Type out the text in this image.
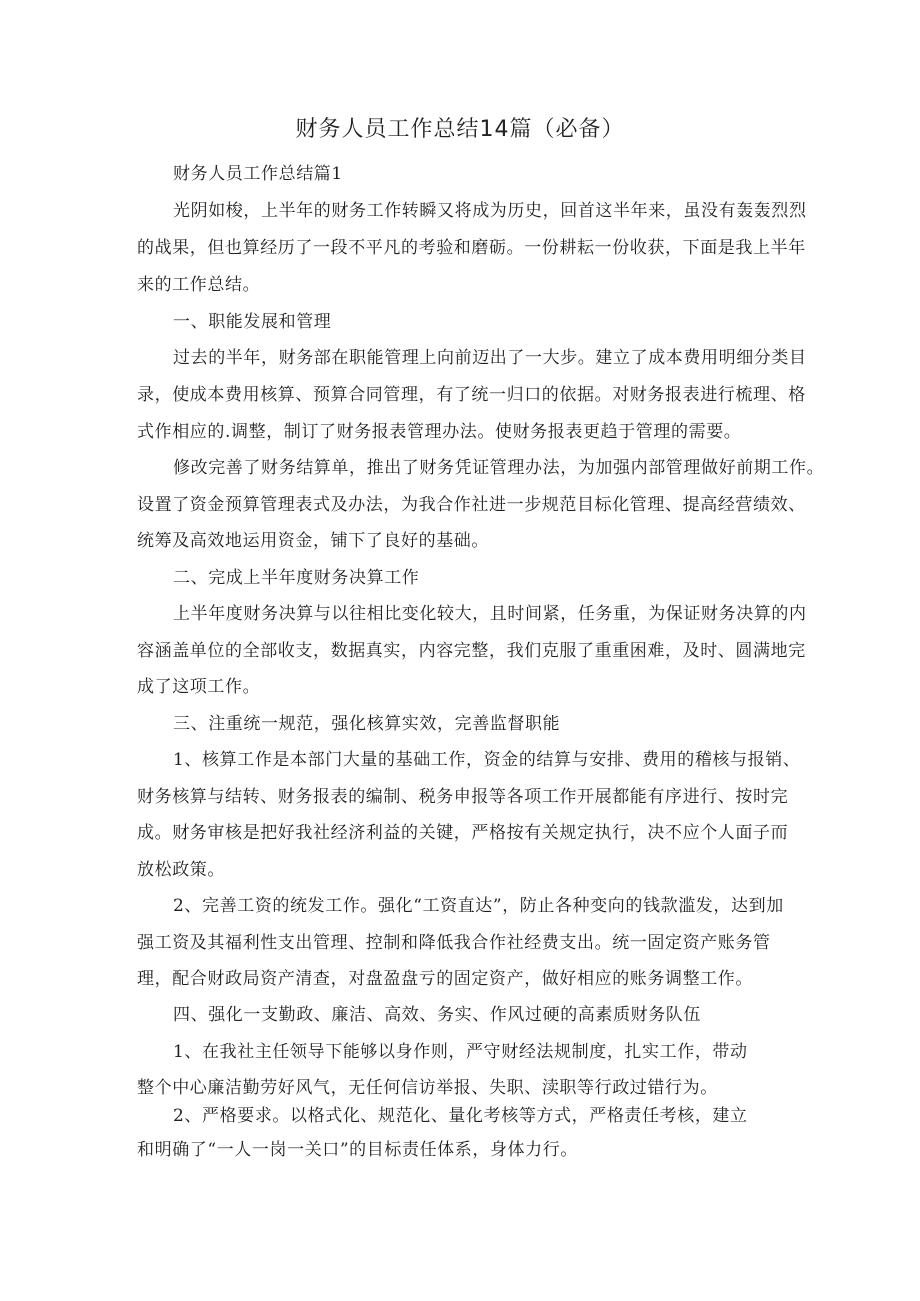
财务人员工作总结14篇（必备）
财务人员工作总结篇1
光阴如梭，上半年的财务工作转瞬又将成为历史，回首这半年来，虽没有轰轰烈烈
的战果，但也算经历了一段不平凡的考验和磨砺。一份耕耘一份收获，下面是我上半年
来的工作总结。
一、职能发展和管理
过去的半年，财务部在职能管理上向前迈出了一大步。建立了成本费用明细分类目
录，使成本费用核算、预算合同管理，有了统一归口的依据。对财务报表进行梳理、格
式作相应的.调整，制订了财务报表管理办法。使财务报表更趋于管理的需要。
修改完善了财务结算单，推出了财务凭证管理办法，为加强内部管理做好前期工作。
设置了资金预算管理表式及办法，为我合作社进一步规范目标化管理、提高经营绩效、
统筹及高效地运用资金，铺下了良好的基础。
二、完成上半年度财务决算工作
上半年度财务决算与以往相比变化较大，且时间紧，任务重，为保证财务决算的内
容涵盖单位的全部收支，数据真实，内容完整，我们克服了重重困难，及时、圆满地完
成了这项工作。
三、注重统一规范，强化核算实效，完善监督职能
1、核算工作是本部门大量的基础工作，资金的结算与安排、费用的稽核与报销、
财务核算与结转、财务报表的编制、税务申报等各项工作开展都能有序进行、按时完
成。财务审核是把好我社经济利益的关键，严格按有关规定执行，决不应个人面子而
放松政策。
2、完善工资的统发工作。强化“工资直达”，防止各种变向的钱款滥发，达到加
强工资及其福利性支出管理、控制和降低我合作社经费支出。统一固定资产账务管
理，配合财政局资产清查，对盘盈盘亏的固定资产，做好相应的账务调整工作。
四、强化一支勤政、廉洁、高效、务实、作风过硬的高素质财务队伍
1、在我社主任领导下能够以身作则，严守财经法规制度，扎实工作，带动
整个中心廉洁勤劳好风气，无任何信访举报、失职、渎职等行政过错行为。
2、严格要求。以格式化、规范化、量化考核等方式，严格责任考核，建立
和明确了“一人一岗一关口”的目标责任体系，身体力行。
